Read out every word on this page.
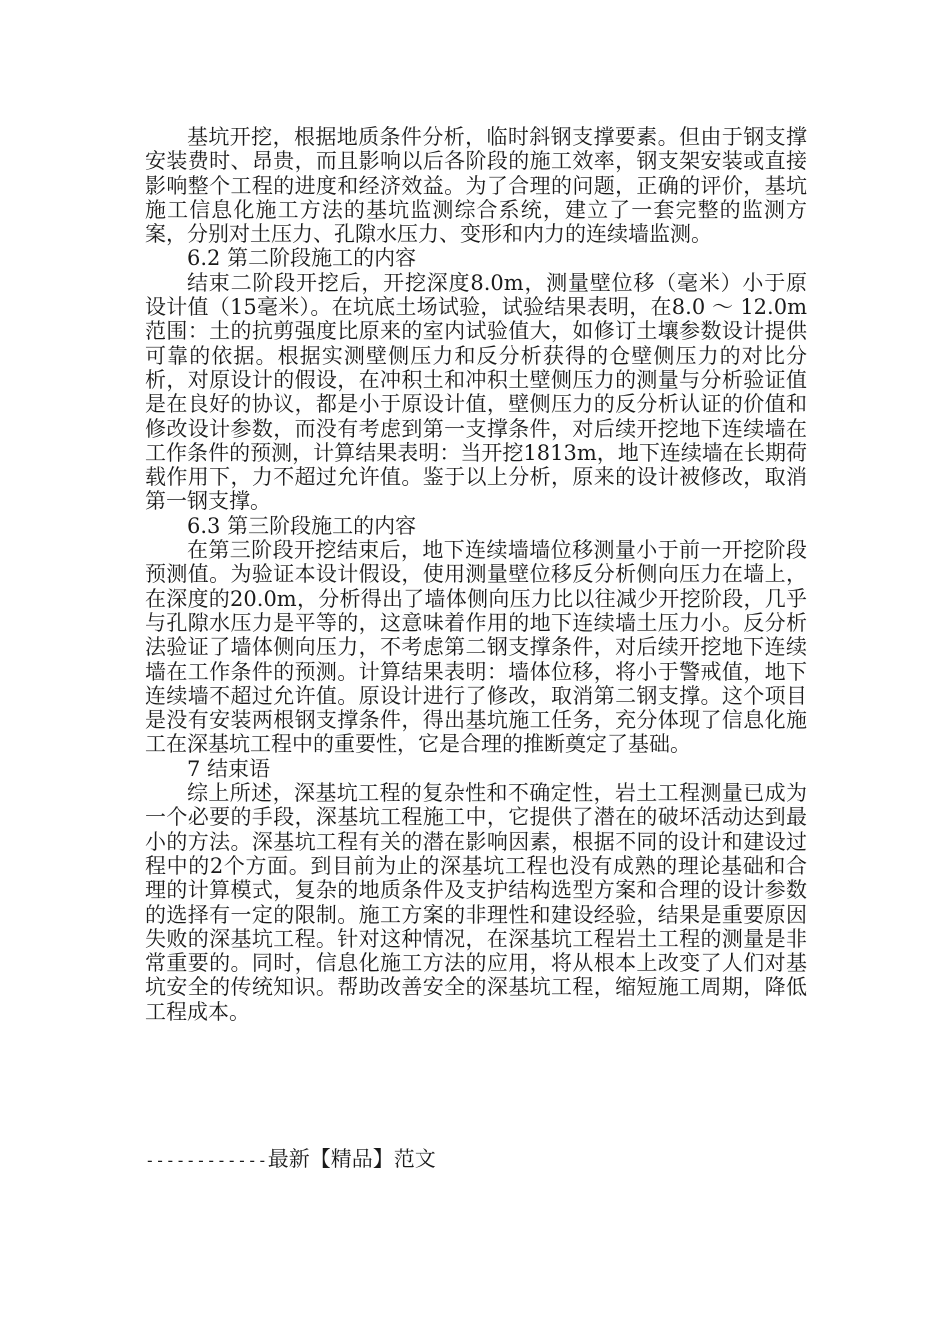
基坑开挖，根据地质条件分析，临时斜钢支撑要素。但由于钢支撑安装费时、昂贵，而且影响以后各阶段的施工效率，钢支架安装或直接影响整个工程的进度和经济效益。为了合理的问题，正确的评价，基坑施工信息化施工方法的基坑监测综合系统，建立了一套完整的监测方案，分别对土压力、孔隙水压力、变形和内力的连续墙监测。

6.2 第二阶段施工的内容

结束二阶段开挖后，开挖深度8.0m，测量壁位移（毫米）小于原设计值（15毫米）。在坑底土场试验，试验结果表明，在8.0 ～ 12.0m范围：土的抗剪强度比原来的室内试验值大，如修订土壤参数设计提供可靠的依据。根据实测壁侧压力和反分析获得的仓壁侧压力的对比分析，对原设计的假设，在冲积土和冲积土壁侧压力的测量与分析验证值是在良好的协议，都是小于原设计值，壁侧压力的反分析认证的价值和修改设计参数，而没有考虑到第一支撑条件，对后续开挖地下连续墙在工作条件的预测，计算结果表明：当开挖1813m，地下连续墙在长期荷载作用下，力不超过允许值。鉴于以上分析，原来的设计被修改，取消第一钢支撑。

6.3 第三阶段施工的内容

在第三阶段开挖结束后，地下连续墙墙位移测量小于前一开挖阶段预测值。为验证本设计假设，使用测量壁位移反分析侧向压力在墙上，在深度的20.0m，分析得出了墙体侧向压力比以往减少开挖阶段，几乎与孔隙水压力是平等的，这意味着作用的地下连续墙土压力小。反分析法验证了墙体侧向压力，不考虑第二钢支撑条件，对后续开挖地下连续墙在工作条件的预测。计算结果表明：墙体位移，将小于警戒值，地下连续墙不超过允许值。原设计进行了修改，取消第二钢支撑。这个项目是没有安装两根钢支撑条件，得出基坑施工任务，充分体现了信息化施工在深基坑工程中的重要性，它是合理的推断奠定了基础。

7 结束语

综上所述，深基坑工程的复杂性和不确定性，岩土工程测量已成为一个必要的手段，深基坑工程施工中，它提供了潜在的破坏活动达到最小的方法。深基坑工程有关的潜在影响因素，根据不同的设计和建设过程中的2个方面。到目前为止的深基坑工程也没有成熟的理论基础和合理的计算模式，复杂的地质条件及支护结构选型方案和合理的设计参数的选择有一定的限制。施工方案的非理性和建设经验，结果是重要原因失败的深基坑工程。针对这种情况，在深基坑工程岩土工程的测量是非常重要的。同时，信息化施工方法的应用，将从根本上改变了人们对基坑安全的传统知识。帮助改善安全的深基坑工程，缩短施工周期，降低工程成本。

------------最新【精品】范文
